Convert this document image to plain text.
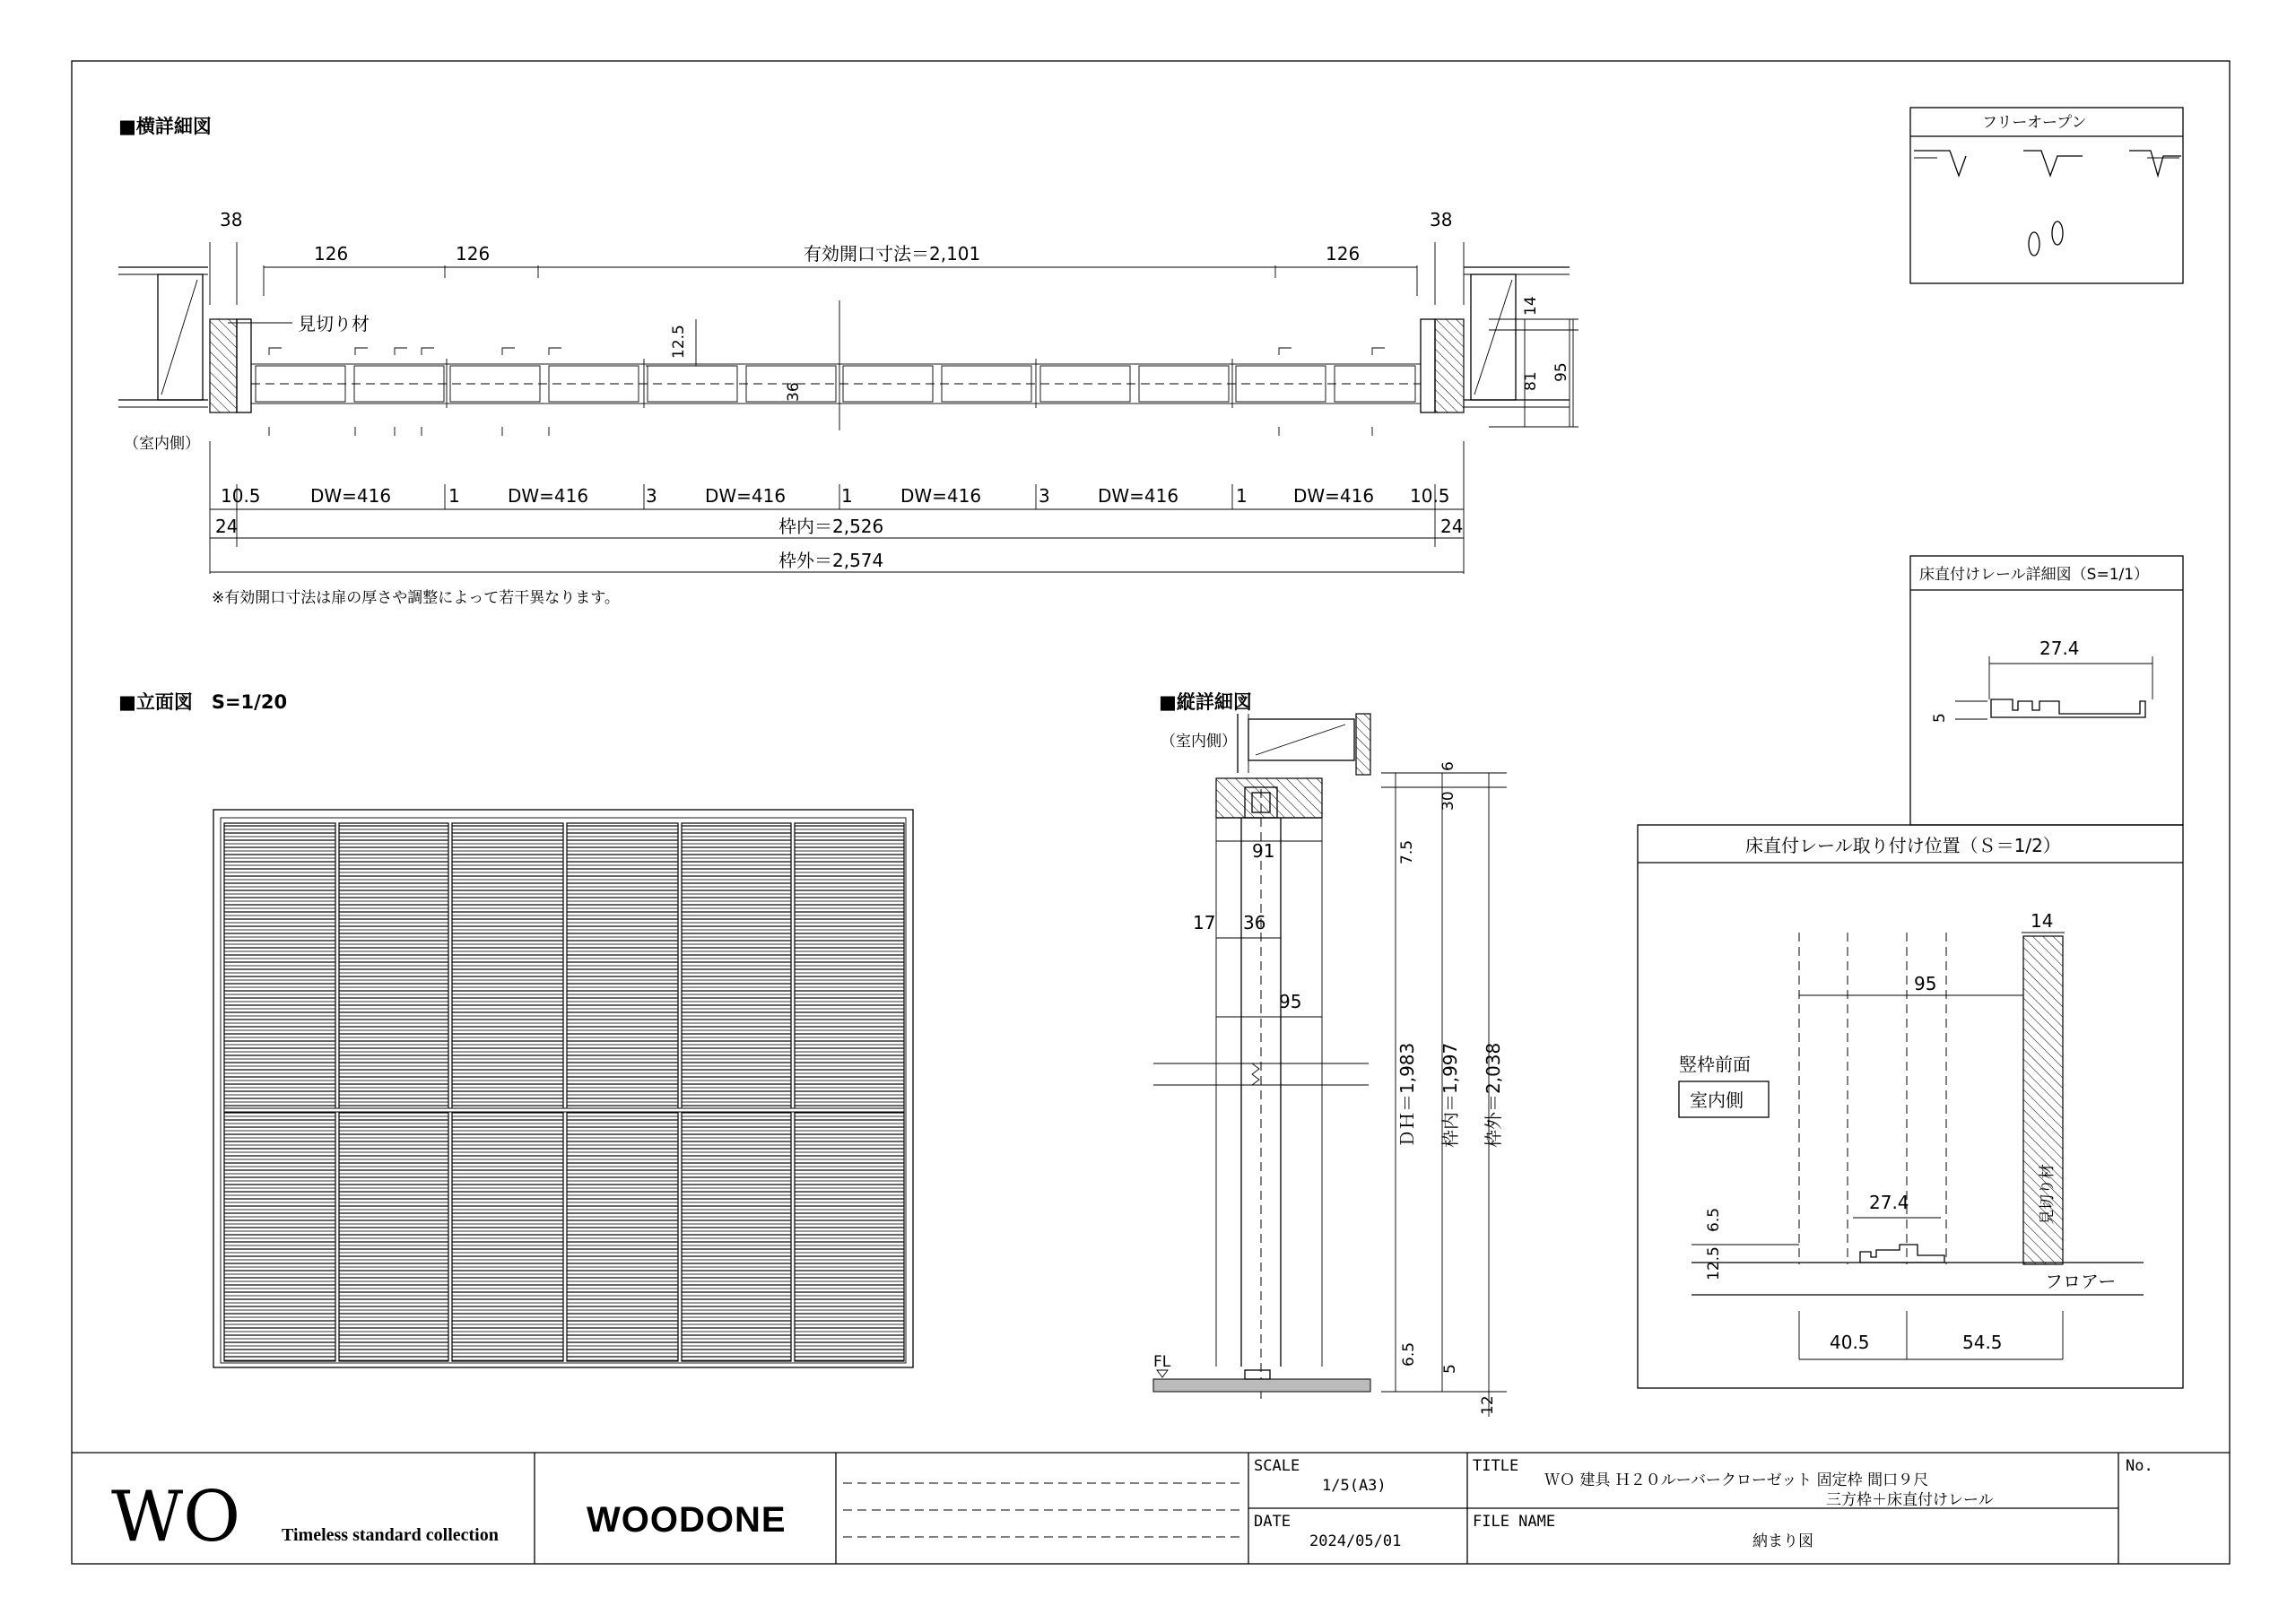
■横詳細図
12.5
36
見切り材
（室内側）
38
126	126	有効開口寸法＝2,101	126
38
14
81 95
10.5	DW=416	1	DW=416	3	DW=416	1	DW=416	3	DW=416	1	DW=416 10.5
24	24
枠内＝2,526
枠外＝2,574
※有効開口寸法は扉の厚さや調整によって若干異なります。
■立面図　S=1/20	■縦詳細図
（室内側）
91
17 36
95
FL
6
30
7.5
ＤＨ＝1,983 枠内＝1,997 枠外＝2,038
6.5
5
12
フリーオープン
床直付けレール詳細図（S=1/1）
27.4
5
床直付レール取り付け位置（Ｓ＝1/2）
14
95
竪枠前面
室内側
27.4
6.5
12.5
フロアー
見切り材
40.5	54.5
WO Timeless standard collection WOODONE
SCALE
1/5(A3)
DATE
2024/05/01
TITLE
ＷＯ 建具 Ｈ２０ルーバークローゼット 固定枠 間口９尺
三方枠＋床直付けレール
FILE NAME
納まり図
No.
